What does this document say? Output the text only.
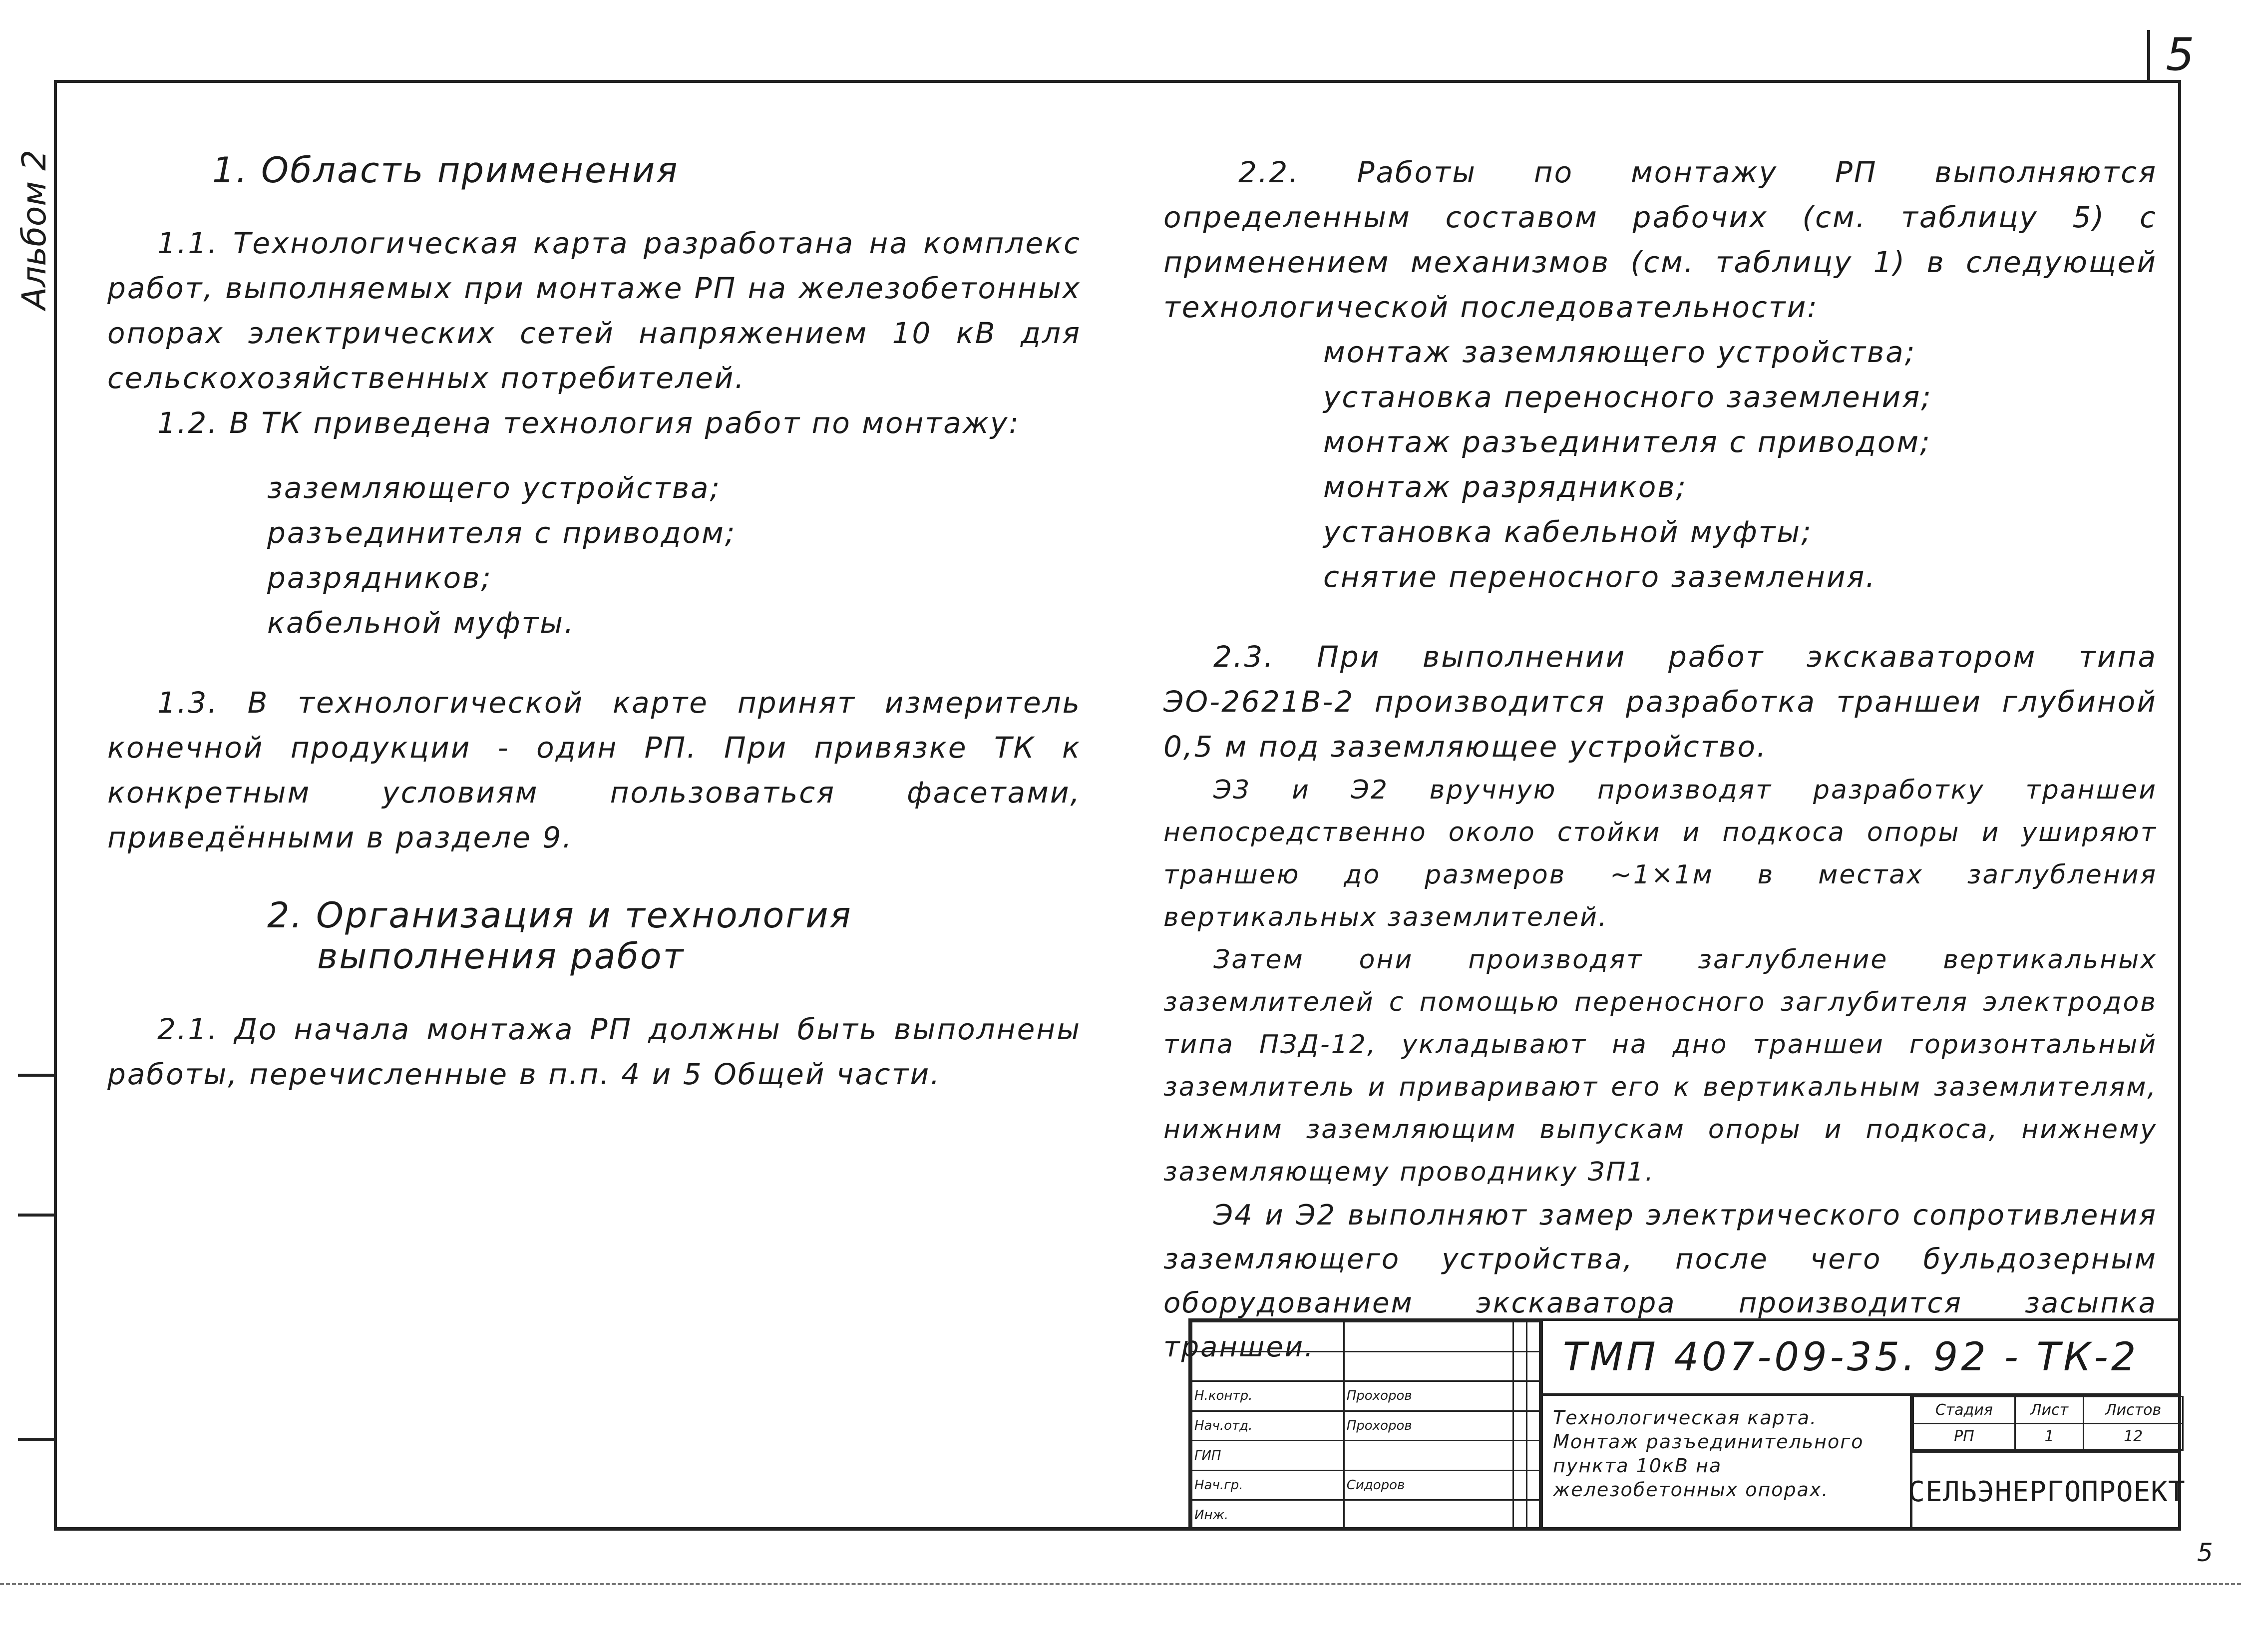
5
5
Альбом 2	1. Область применения

1.1. Технологическая карта разработана на комплекс работ, выполняемых при монтаже РП на железобетонных опорах электрических сетей напряжением 10 кВ для сельскохозяйственных потребителей.

1.2. В ТК приведена технология работ по монтажу:

заземляющего устройства;

разъединителя с приводом;

разрядников;

кабельной муфты.

1.3. В технологической карте принят измеритель конечной продукции - один РП. При привязке ТК к конкретным условиям пользоваться фасетами, приведёнными в разделе 9.

2. Организация и технология
выполнения работ

2.1. До начала монтажа РП должны быть выполнены работы, перечисленные в п.п. 4 и 5 Общей части.

2.2. Работы по монтажу РП выполняются определенным составом рабочих (см. таблицу 5) с применением механизмов (см. таблицу 1) в следующей технологической последовательности:

монтаж заземляющего устройства;

установка переносного заземления;

монтаж разъединителя с приводом;

монтаж разрядников;

установка кабельной муфты;

снятие переносного заземления.

2.3. При выполнении работ экскаватором типа ЭО-2621В-2 производится разработка траншеи глубиной 0,5 м под заземляющее устройство.

Э3 и Э2 вручную производят разработку траншеи непосредственно около стойки и подкоса опоры и уширяют траншею до размеров ~1×1м в местах заглубления вертикальных заземлителей.

Затем они производят заглубление вертикальных заземлителей с помощью переносного заглубителя электродов типа ПЗД-12, укладывают на дно траншеи горизонтальный заземлитель и приваривают его к вертикальным заземлителям, нижним заземляющим выпускам опоры и подкоса, нижнему заземляющему проводнику ЗП1.

Э4 и Э2 выполняют замер электрического сопротивления заземляющего устройства, после чего бульдозерным оборудованием экскаватора производится засыпка траншеи.

Н.контр.	Прохоров		
Нач.отд.	Прохоров		
ГИП			
Нач.гр.	Сидоров		
Инж.			
ТМП 407-09-35. 92 - ТК-2
Технологическая карта. Монтаж разъединительного пункта 10кВ на железобетонных опорах.
Стадия	Лист	Листов
РП	1	12
СЕЛЬЭНЕРГОПРОЕКТ
